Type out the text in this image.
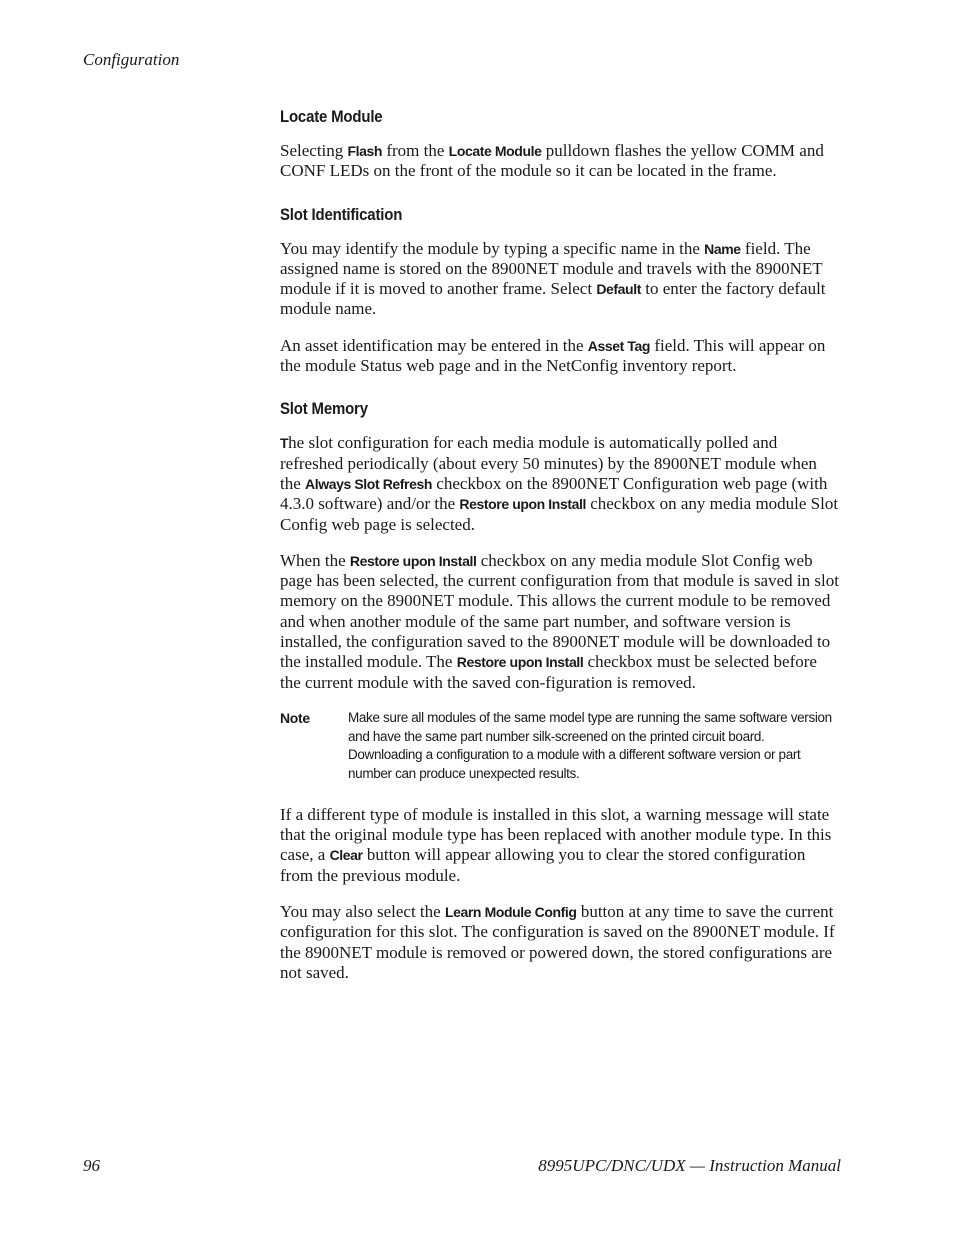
Configuration
Locate Module

Selecting Flash from the Locate Module pulldown flashes the yellow COMM and CONF LEDs on the front of the module so it can be located in the frame.

Slot Identification

You may identify the module by typing a specific name in the Name field. The assigned name is stored on the 8900NET module and travels with the 8900NET module if it is moved to another frame. Select Default to enter the factory default module name.

An asset identification may be entered in the Asset Tag field. This will appear on the module Status web page and in the NetConfig inventory report.

Slot Memory

The slot configuration for each media module is automatically polled and refreshed periodically (about every 50 minutes) by the 8900NET module when the Always Slot Refresh checkbox on the 8900NET Configuration web page (with 4.3.0 software) and/or the Restore upon Install checkbox on any media module Slot Config web page is selected.

When the Restore upon Install checkbox on any media module Slot Config web page has been selected, the current configuration from that module is saved in slot memory on the 8900NET module. This allows the current module to be removed and when another module of the same part number, and software version is installed, the configuration saved to the 8900NET module will be downloaded to the installed module. The Restore upon Install checkbox must be selected before the current module with the saved con-figuration is removed.

Note	Make sure all modules of the same model type are running the same software version and have the same part number silk-screened on the printed circuit board. Downloading a configuration to a module with a different software version or part number can produce unexpected results.

If a different type of module is installed in this slot, a warning message will state that the original module type has been replaced with another module type. In this case, a Clear button will appear allowing you to clear the stored configuration from the previous module.

You may also select the Learn Module Config button at any time to save the current configuration for this slot. The configuration is saved on the 8900NET module. If the 8900NET module is removed or powered down, the stored configurations are not saved.

96	8995UPC/DNC/UDX — Instruction Manual
